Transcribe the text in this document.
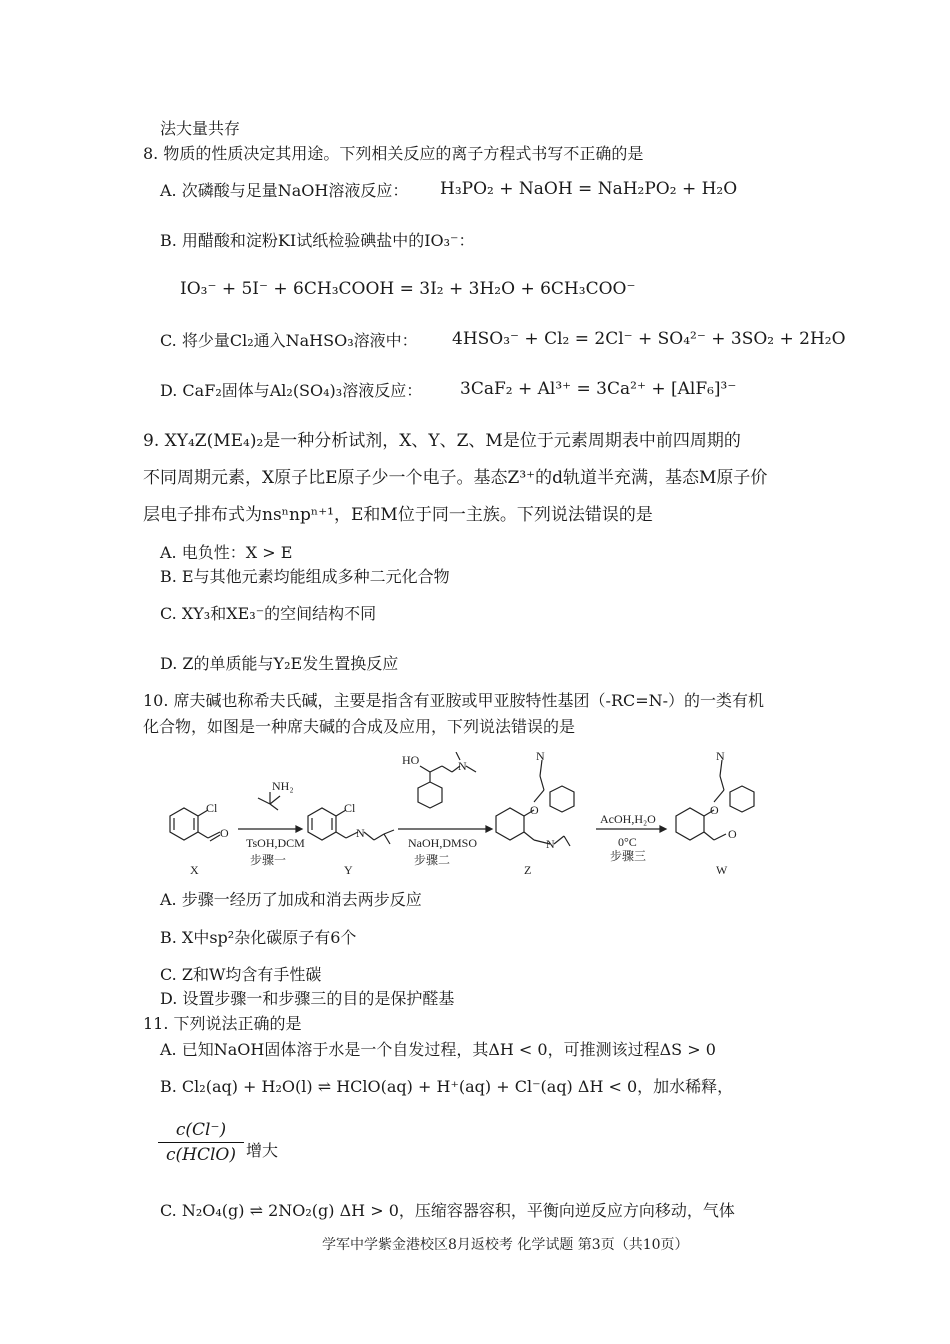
法大量共存
8. 物质的性质决定其用途。下列相关反应的离子方程式书写不正确的是
A. 次磷酸与足量NaOH溶液反应： H₃PO₂ + NaOH = NaH₂PO₂ + H₂O
B. 用醋酸和淀粉KI试纸检验碘盐中的IO₃⁻：
IO₃⁻ + 5I⁻ + 6CH₃COOH = 3I₂ + 3H₂O + 6CH₃COO⁻
C. 将少量Cl₂通入NaHSO₃溶液中： 4HSO₃⁻ + Cl₂ = 2Cl⁻ + SO₄²⁻ + 3SO₂ + 2H₂O
D. CaF₂固体与Al₂(SO₄)₃溶液反应： 3CaF₂ + Al³⁺ = 3Ca²⁺ + [AlF₆]³⁻
9. XY₄Z(ME₄)₂是一种分析试剂，X、Y、Z、M是位于元素周期表中前四周期的
不同周期元素，X原子比E原子少一个电子。基态Z³⁺的d轨道半充满，基态M原子价
层电子排布式为nsⁿnpⁿ⁺¹，E和M位于同一主族。下列说法错误的是
A. 电负性：X > E
B. E与其他元素均能组成多种二元化合物
C. XY₃和XE₃⁻的空间结构不同
D. Z的单质能与Y₂E发生置换反应
10. 席夫碱也称希夫氏碱，主要是指含有亚胺或甲亚胺特性基团（-RC=N-）的一类有机
化合物，如图是一种席夫碱的合成及应用，下列说法错误的是
Cl
O
NH₂
TsOH,DCM
步骤一
Cl
N
HO	N
NaOH,DMSO
步骤二
O
N
N
AcOH,H₂O
0°C
步骤三
O
O
N
X	Y	Z	W
A. 步骤一经历了加成和消去两步反应
B. X中sp²杂化碳原子有6个
C. Z和W均含有手性碳
D. 设置步骤一和步骤三的目的是保护醛基
11. 下列说法正确的是
A. 已知NaOH固体溶于水是一个自发过程，其ΔH < 0，可推测该过程ΔS > 0
B. Cl₂(aq) + H₂O(l) ⇌ HClO(aq) + H⁺(aq) + Cl⁻(aq) ΔH < 0，加水稀释，
c(Cl⁻)
c(HClO) 增大
C. N₂O₄(g) ⇌ 2NO₂(g) ΔH > 0，压缩容器容积，平衡向逆反应方向移动，气体
学军中学紫金港校区8月返校考 化学试题 第3页（共10页）
